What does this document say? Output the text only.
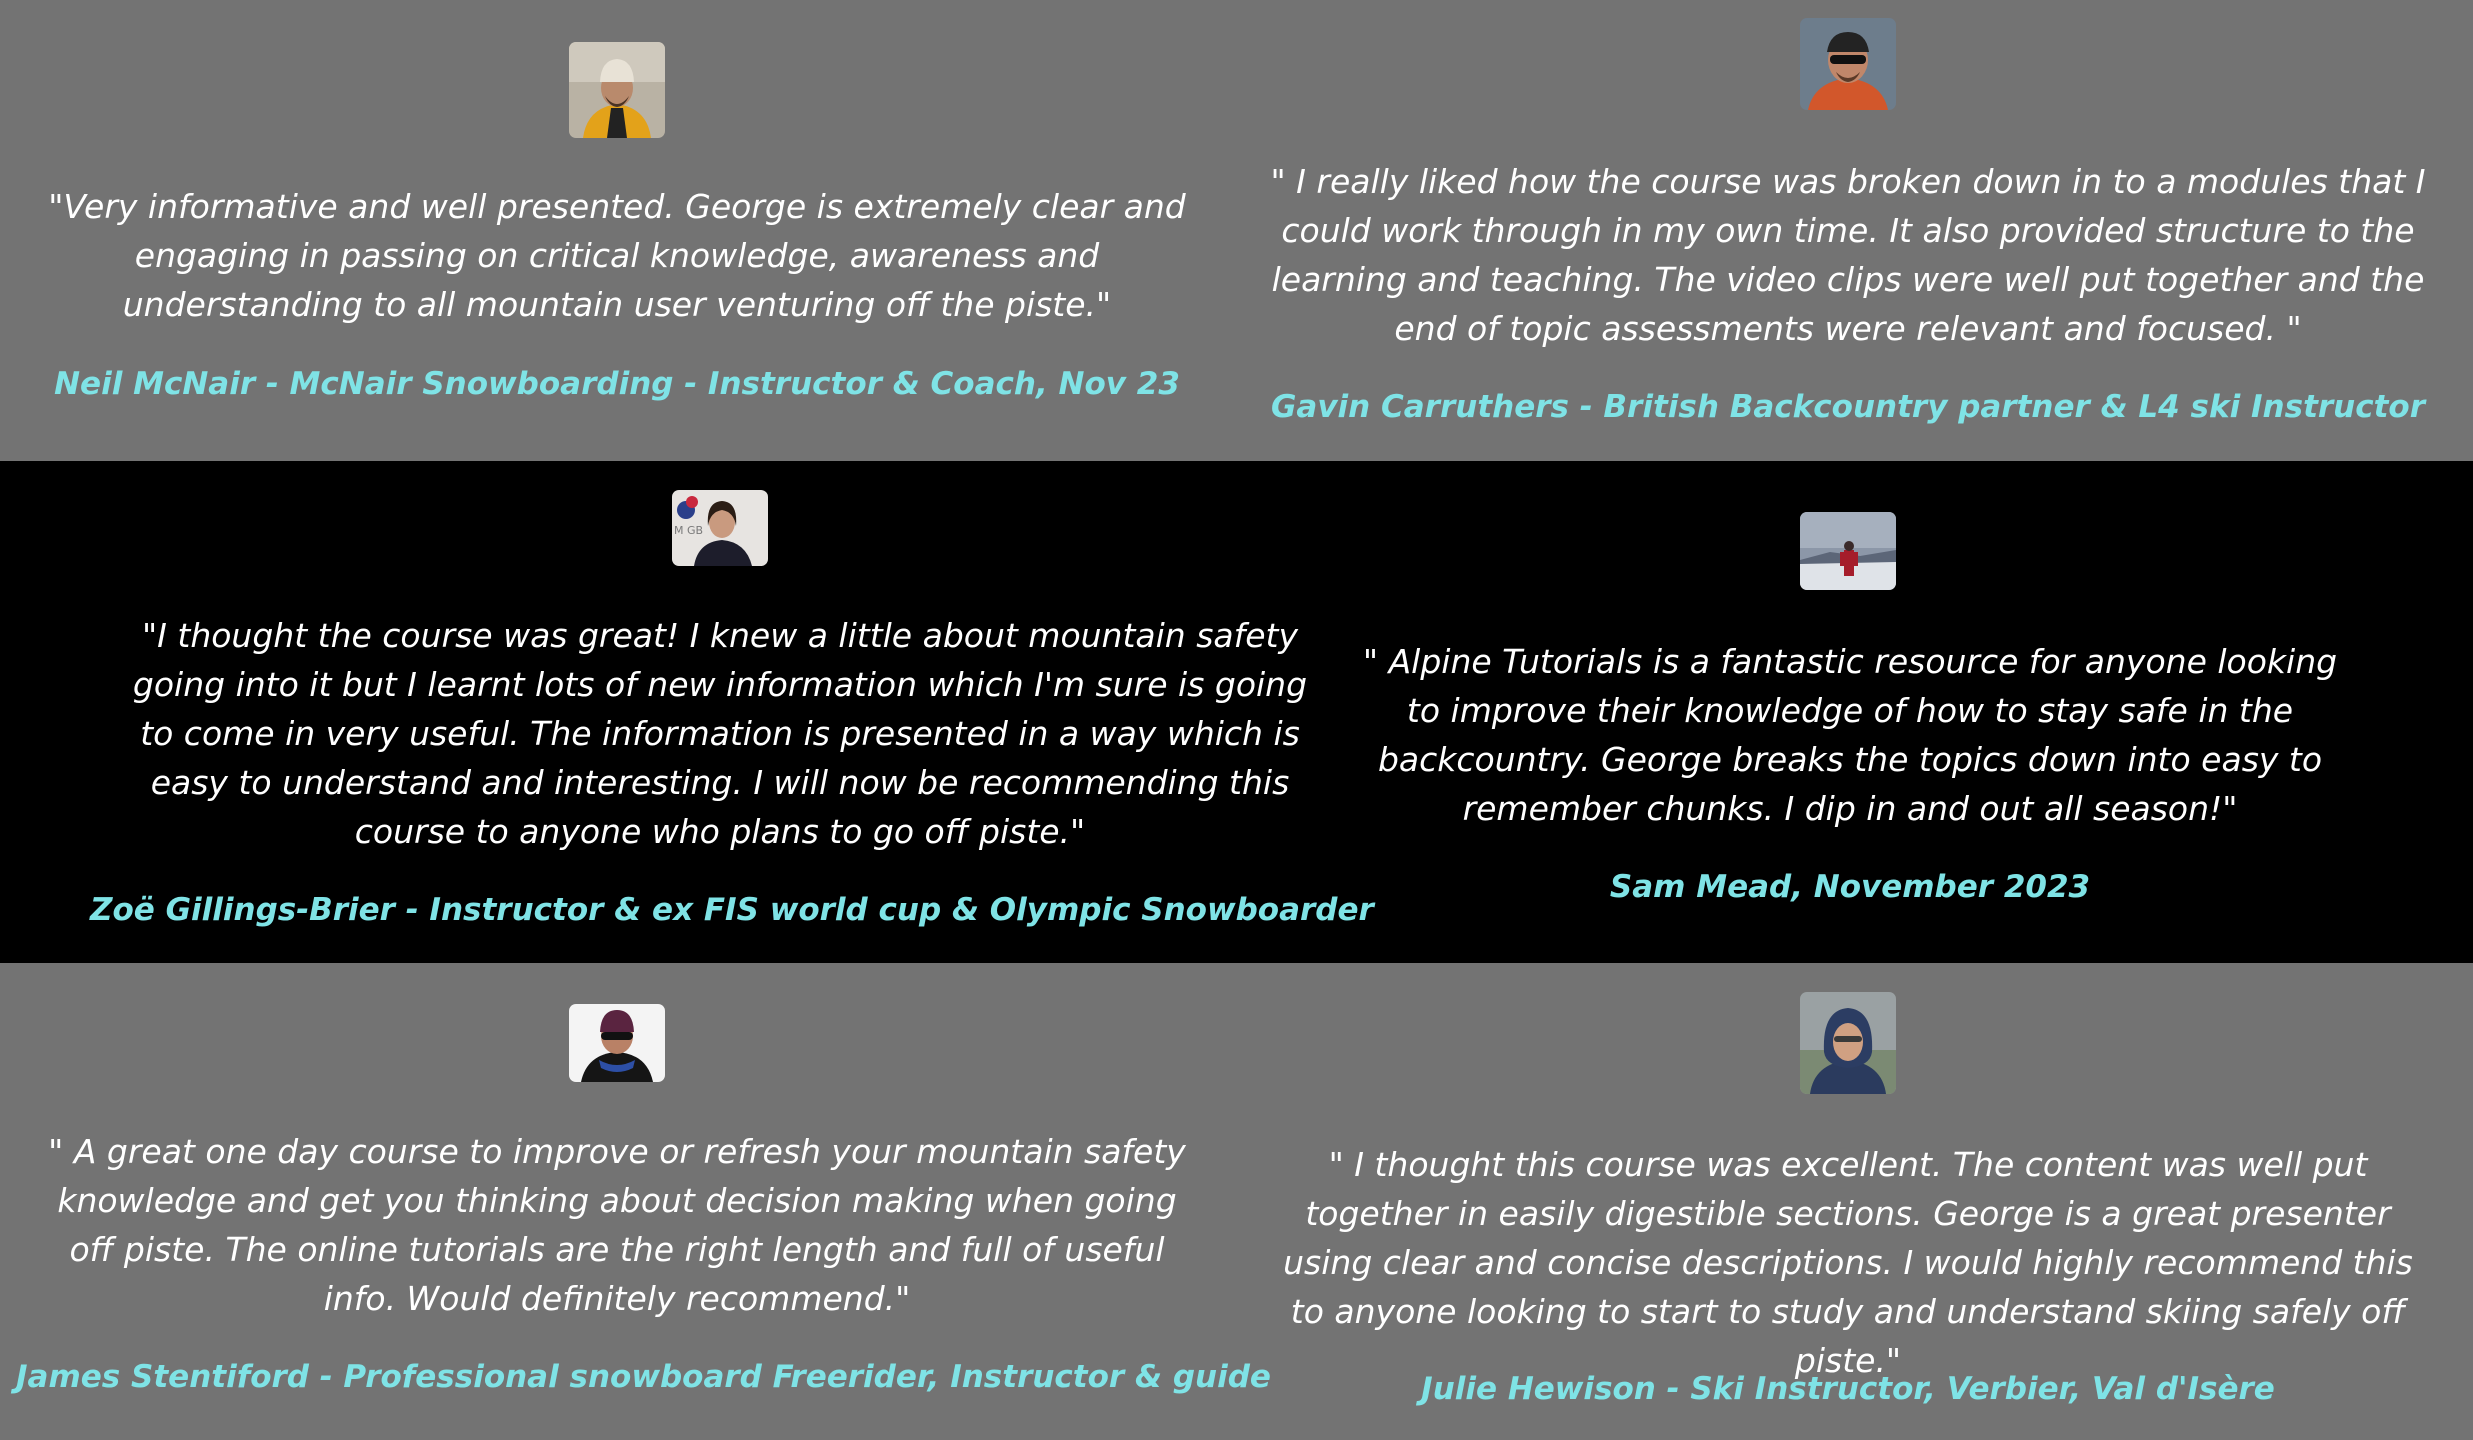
"Very informative and well presented. George is extremely clear and engaging in passing on critical knowledge, awareness and understanding to all mountain user venturing off the piste."

Neil McNair - McNair Snowboarding - Instructor & Coach, Nov 23

" I really liked how the course was broken down in to a modules that I could work through in my own time. It also provided structure to the learning and teaching. The video clips were well put together and the end of topic assessments were relevant and focused. "

Gavin Carruthers - British Backcountry partner & L4 ski Instructor

M GB

"I thought the course was great! I knew a little about mountain safety going into it but I learnt lots of new information which I'm sure is going to come in very useful. The information is presented in a way which is easy to understand and interesting. I will now be recommending this course to anyone who plans to go off piste."

Zoë Gillings-Brier - Instructor & ex FIS world cup & Olympic Snowboarder

" Alpine Tutorials is a fantastic resource for anyone looking to improve their knowledge of how to stay safe in the backcountry. George breaks the topics down into easy to remember chunks. I dip in and out all season!"

Sam Mead, November 2023

" A great one day course to improve or refresh your mountain safety knowledge and get you thinking about decision making when going off piste. The online tutorials are the right length and full of useful info. Would definitely recommend."

James Stentiford - Professional snowboard Freerider, Instructor & guide

" I thought this course was excellent. The content was well put together in easily digestible sections. George is a great presenter using clear and concise descriptions. I would highly recommend this to anyone looking to start to study and understand skiing safely off piste."

Julie Hewison - Ski Instructor, Verbier, Val d'Isère
